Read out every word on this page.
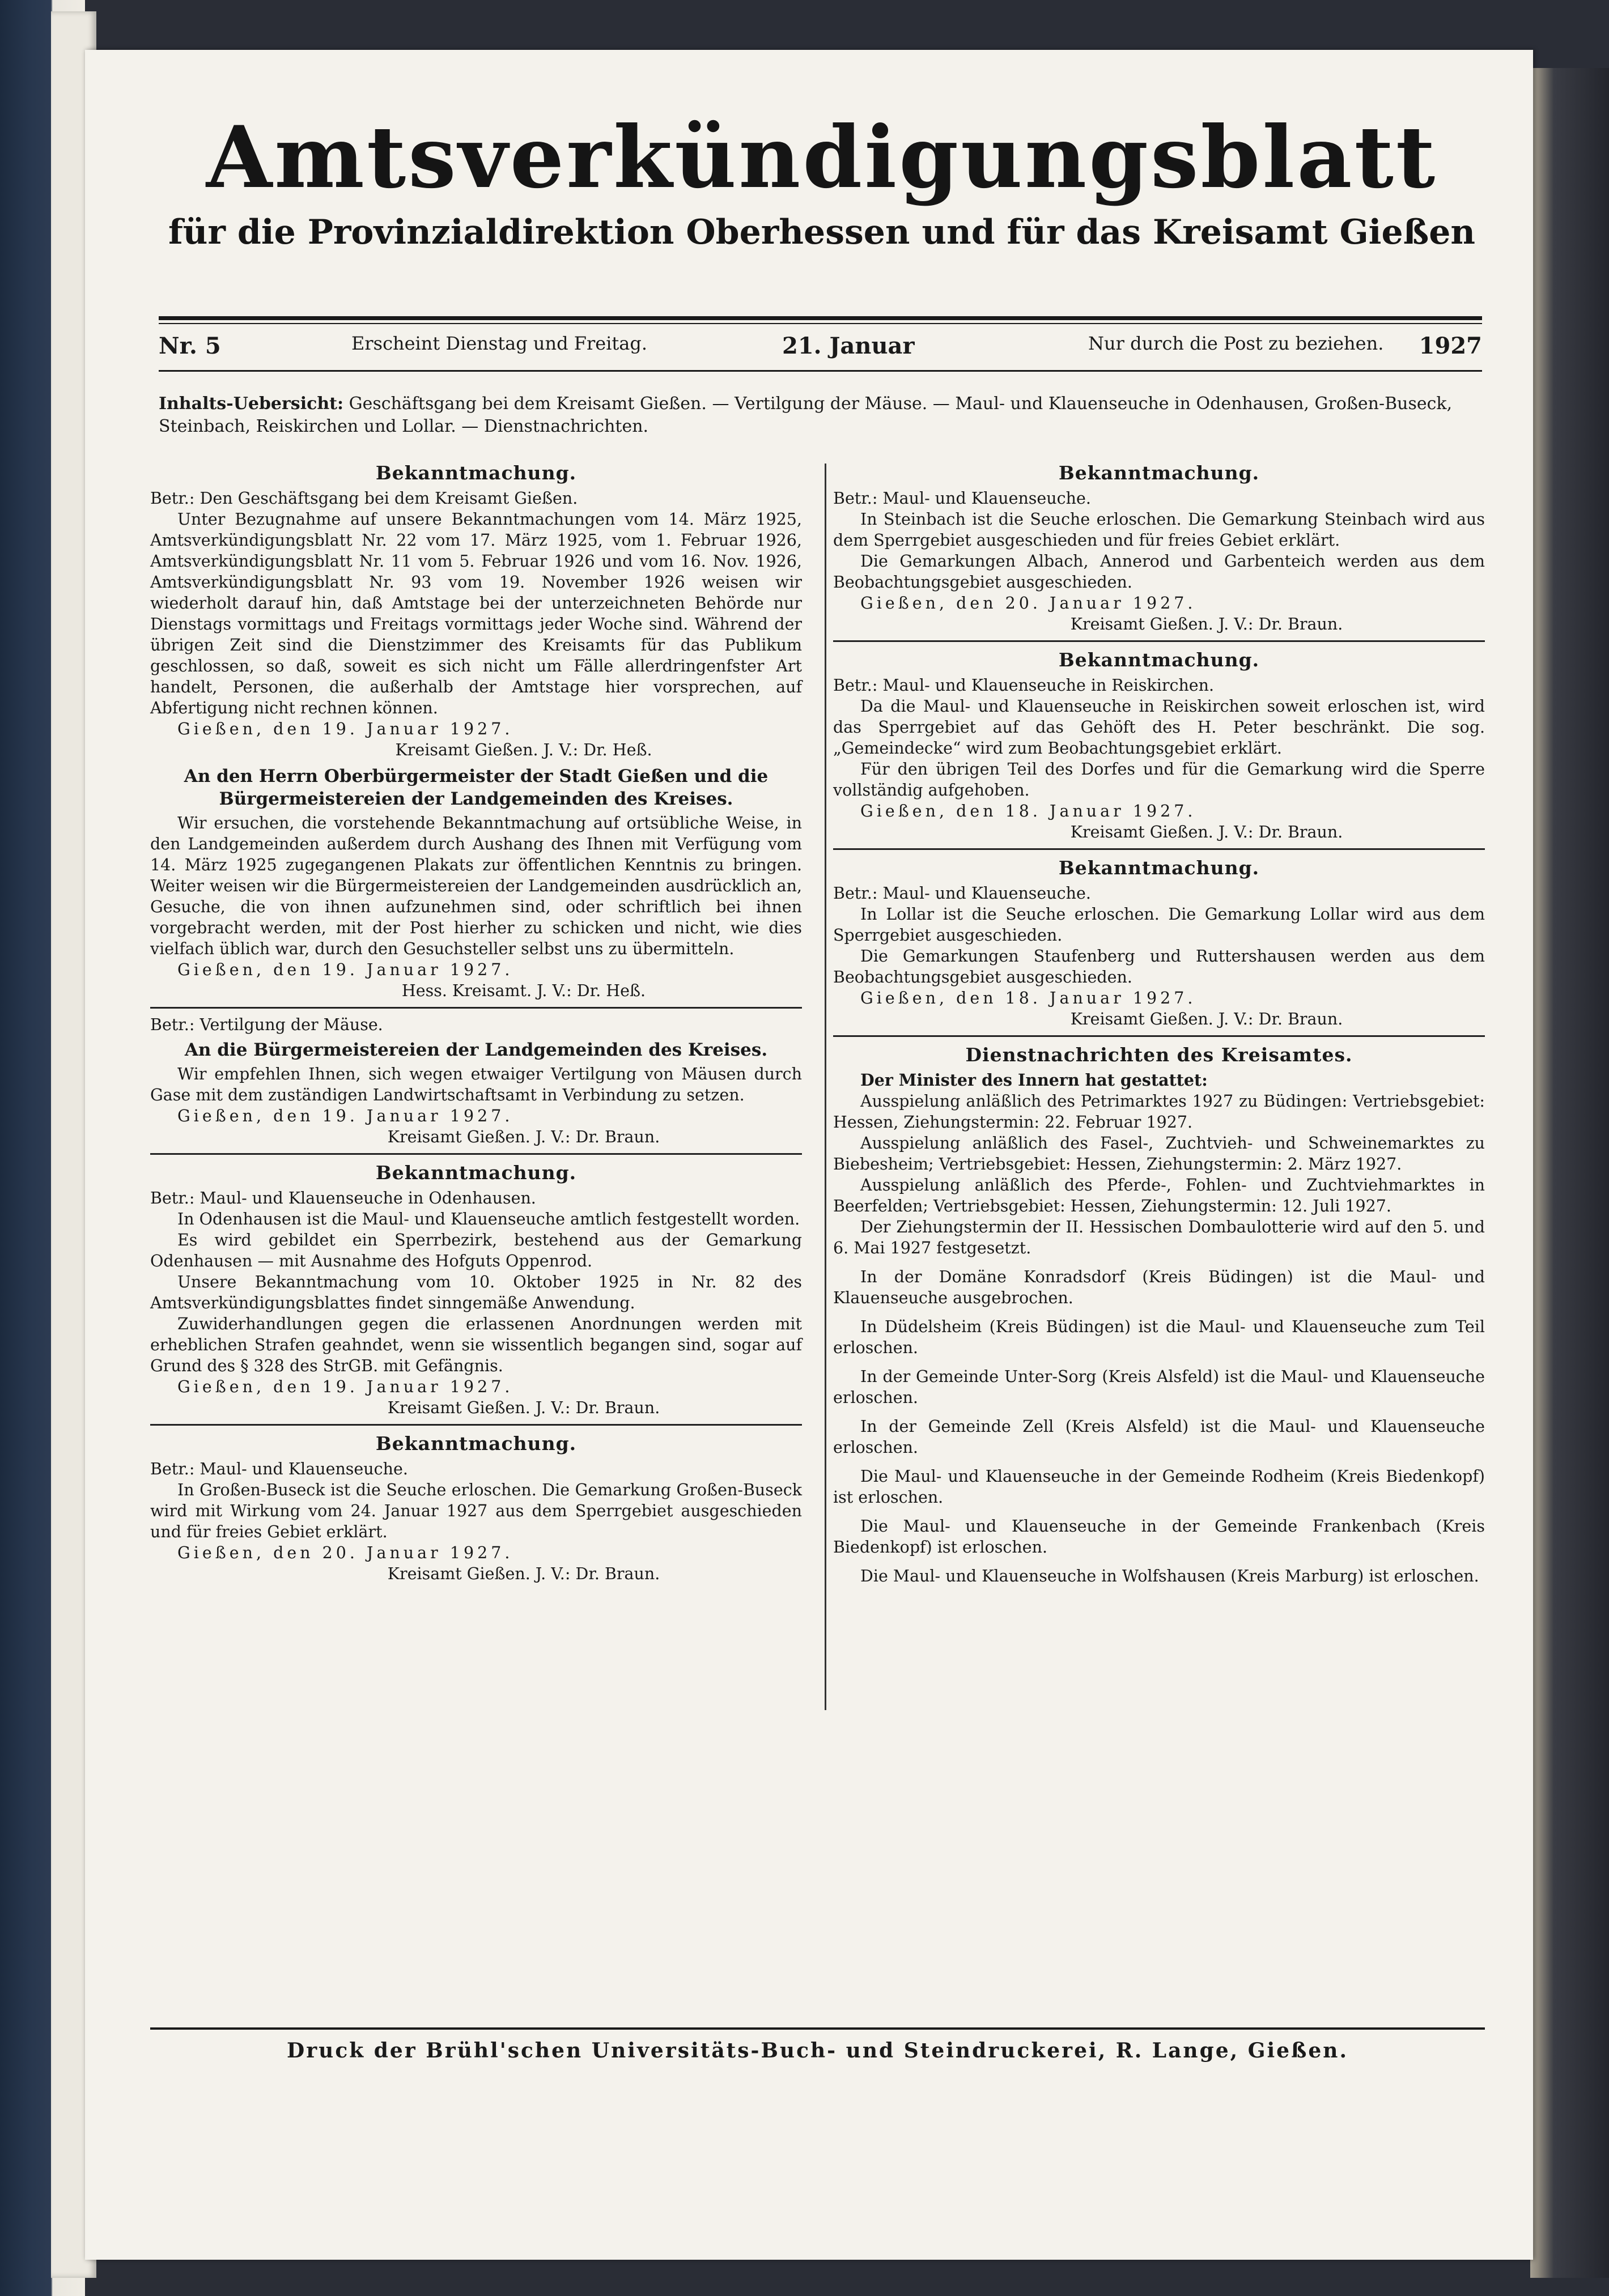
Amtsverkündigungsblatt
für die Provinzialdirektion Oberhessen und für das Kreisamt Gießen
Nr. 5	Erscheint Dienstag und Freitag.	21. Januar	Nur durch die Post zu beziehen. 1927
Inhalts-Uebersicht: Geschäftsgang bei dem Kreisamt Gießen. — Vertilgung der Mäuse. — Maul- und Klauenseuche in Odenhausen, Großen-Buseck, Steinbach, Reiskirchen und Lollar. — Dienstnachrichten.
Bekanntmachung.

Betr.: Den Geschäftsgang bei dem Kreisamt Gießen.

Unter Bezugnahme auf unsere Bekanntmachungen vom 14. März 1925, Amtsverkündigungsblatt Nr. 22 vom 17. März 1925, vom 1. Februar 1926, Amtsverkündigungsblatt Nr. 11 vom 5. Februar 1926 und vom 16. Nov. 1926, Amtsverkündigungsblatt Nr. 93 vom 19. November 1926 weisen wir wiederholt darauf hin, daß Amtstage bei der unterzeichneten Behörde nur Dienstags vormittags und Freitags vormittags jeder Woche sind. Während der übrigen Zeit sind die Dienstzimmer des Kreisamts für das Publikum geschlossen, so daß, soweit es sich nicht um Fälle allerdringenfster Art handelt, Personen, die außerhalb der Amtstage hier vorsprechen, auf Abfertigung nicht rechnen können.

Gießen, den 19. Januar 1927.

Kreisamt Gießen. J. V.: Dr. Heß.

An den Herrn Oberbürgermeister der Stadt Gießen und die Bürgermeistereien der Landgemeinden des Kreises.

Wir ersuchen, die vorstehende Bekanntmachung auf ortsübliche Weise, in den Landgemeinden außerdem durch Aushang des Ihnen mit Verfügung vom 14. März 1925 zugegangenen Plakats zur öffentlichen Kenntnis zu bringen. Weiter weisen wir die Bürgermeistereien der Landgemeinden ausdrücklich an, Gesuche, die von ihnen aufzunehmen sind, oder schriftlich bei ihnen vorgebracht werden, mit der Post hierher zu schicken und nicht, wie dies vielfach üblich war, durch den Gesuchsteller selbst uns zu übermitteln.

Gießen, den 19. Januar 1927.

Hess. Kreisamt. J. V.: Dr. Heß.

Betr.: Vertilgung der Mäuse.

An die Bürgermeistereien der Landgemeinden des Kreises.

Wir empfehlen Ihnen, sich wegen etwaiger Vertilgung von Mäusen durch Gase mit dem zuständigen Landwirtschaftsamt in Verbindung zu setzen.

Gießen, den 19. Januar 1927.

Kreisamt Gießen. J. V.: Dr. Braun.

Bekanntmachung.

Betr.: Maul- und Klauenseuche in Odenhausen.

In Odenhausen ist die Maul- und Klauenseuche amtlich festgestellt worden.

Es wird gebildet ein Sperrbezirk, bestehend aus der Gemarkung Odenhausen — mit Ausnahme des Hofguts Oppenrod.

Unsere Bekanntmachung vom 10. Oktober 1925 in Nr. 82 des Amtsverkündigungsblattes findet sinngemäße Anwendung.

Zuwiderhandlungen gegen die erlassenen Anordnungen werden mit erheblichen Strafen geahndet, wenn sie wissentlich begangen sind, sogar auf Grund des § 328 des StrGB. mit Gefängnis.

Gießen, den 19. Januar 1927.

Kreisamt Gießen. J. V.: Dr. Braun.

Bekanntmachung.

Betr.: Maul- und Klauenseuche.

In Großen-Buseck ist die Seuche erloschen. Die Gemarkung Großen-Buseck wird mit Wirkung vom 24. Januar 1927 aus dem Sperrgebiet ausgeschieden und für freies Gebiet erklärt.

Gießen, den 20. Januar 1927.

Kreisamt Gießen. J. V.: Dr. Braun.

Bekanntmachung.

Betr.: Maul- und Klauenseuche.

In Steinbach ist die Seuche erloschen. Die Gemarkung Steinbach wird aus dem Sperrgebiet ausgeschieden und für freies Gebiet erklärt.

Die Gemarkungen Albach, Annerod und Garbenteich werden aus dem Beobachtungsgebiet ausgeschieden.

Gießen, den 20. Januar 1927.

Kreisamt Gießen. J. V.: Dr. Braun.

Bekanntmachung.

Betr.: Maul- und Klauenseuche in Reiskirchen.

Da die Maul- und Klauenseuche in Reiskirchen soweit erloschen ist, wird das Sperrgebiet auf das Gehöft des H. Peter beschränkt. Die sog. „Gemeindecke“ wird zum Beobachtungsgebiet erklärt.

Für den übrigen Teil des Dorfes und für die Gemarkung wird die Sperre vollständig aufgehoben.

Gießen, den 18. Januar 1927.

Kreisamt Gießen. J. V.: Dr. Braun.

Bekanntmachung.

Betr.: Maul- und Klauenseuche.

In Lollar ist die Seuche erloschen. Die Gemarkung Lollar wird aus dem Sperrgebiet ausgeschieden.

Die Gemarkungen Staufenberg und Ruttershausen werden aus dem Beobachtungsgebiet ausgeschieden.

Gießen, den 18. Januar 1927.

Kreisamt Gießen. J. V.: Dr. Braun.

Dienstnachrichten des Kreisamtes.

Der Minister des Innern hat gestattet:

Ausspielung anläßlich des Petrimarktes 1927 zu Büdingen: Vertriebsgebiet: Hessen, Ziehungstermin: 22. Februar 1927.

Ausspielung anläßlich des Fasel-, Zuchtvieh- und Schweinemarktes zu Biebesheim; Vertriebsgebiet: Hessen, Ziehungstermin: 2. März 1927.

Ausspielung anläßlich des Pferde-, Fohlen- und Zuchtviehmarktes in Beerfelden; Vertriebsgebiet: Hessen, Ziehungstermin: 12. Juli 1927.

Der Ziehungstermin der II. Hessischen Dombaulotterie wird auf den 5. und 6. Mai 1927 festgesetzt.

In der Domäne Konradsdorf (Kreis Büdingen) ist die Maul- und Klauenseuche ausgebrochen.

In Düdelsheim (Kreis Büdingen) ist die Maul- und Klauenseuche zum Teil erloschen.

In der Gemeinde Unter-Sorg (Kreis Alsfeld) ist die Maul- und Klauenseuche erloschen.

In der Gemeinde Zell (Kreis Alsfeld) ist die Maul- und Klauenseuche erloschen.

Die Maul- und Klauenseuche in der Gemeinde Rodheim (Kreis Biedenkopf) ist erloschen.

Die Maul- und Klauenseuche in der Gemeinde Frankenbach (Kreis Biedenkopf) ist erloschen.

Die Maul- und Klauenseuche in Wolfshausen (Kreis Marburg) ist erloschen.

Druck der Brühl'schen Universitäts-Buch- und Steindruckerei, R. Lange, Gießen.
